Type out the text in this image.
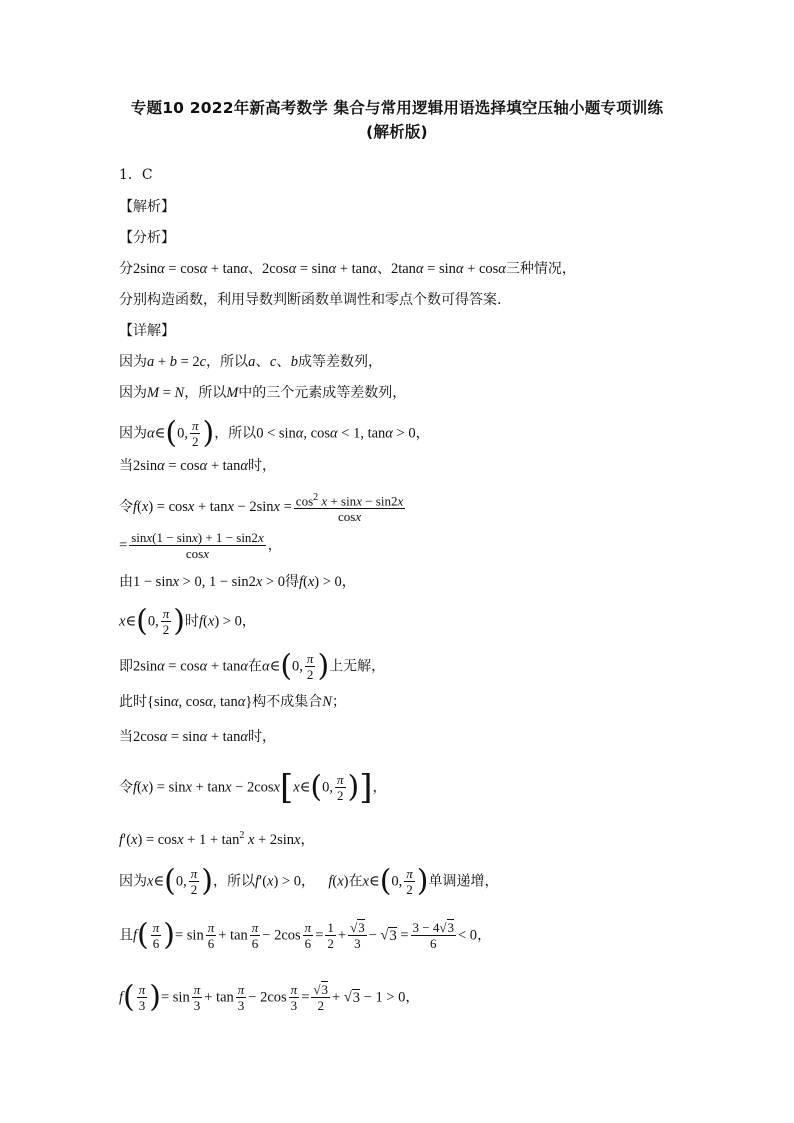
专题10 2022年新高考数学 集合与常用逻辑用语选择填空压轴小题专项训练
(解析版)
1．C
【解析】
【分析】
分2sinα = cosα + tanα、2cosα = sinα + tanα、2tanα = sinα + cosα三种情况，
分别构造函数，利用导数判断函数单调性和零点个数可得答案.
【详解】
因为a + b = 2c，所以a、c、b成等差数列，
因为M = N，所以M中的三个元素成等差数列，
因为α∈(0, $\frac{\pi}{2}$ )，所以0 < sinα, cosα < 1, tanα > 0，
当2sinα = cosα + tanα时，
令$f(x) = \cos x + \tan x - 2\sin x = \frac{\cos^2 x + \sin x - \sin 2x}{\cos x}$
= $\frac{\sin x(1 - \sin x) + 1 - \sin 2x}{\cos x}$ ，
由1 − sinx > 0, 1 − sin2x > 0得f(x) > 0，
x∈(0, $\frac{\pi}{2}$ )时f(x) > 0，
即2sinα = cosα + tanα在α∈(0, $\frac{\pi}{2}$ )上无解，
此时{sinα, cosα, tanα}构不成集合N；
当2cosα = sinα + tanα时，
令f(x) = sinx + tanx − 2cosx[x∈(0, $\frac{\pi}{2}$ )]，
$f'(x) = \cos x + 1 + \tan^2 x + 2\sin x$，
因为x∈(0, $\frac{\pi}{2}$ )，所以f′(x) > 0， f(x)在x∈(0, $\frac{\pi}{2}$ )单调递增，
且$f( \frac{\pi}{6}$ )= $\sin \frac{\pi}{6} + \tan \frac{\pi}{6} - 2\cos \frac{\pi}{6} = \frac{1}{2} + \frac{√3}{3} - √3 = \frac{3 - 4√3}{6} < 0$，
$f( \frac{\pi}{3}$ )= $\sin \frac{\pi}{3} + \tan \frac{\pi}{3} - 2\cos \frac{\pi}{3} = \frac{√3}{2} + √3 - 1 > 0$，
